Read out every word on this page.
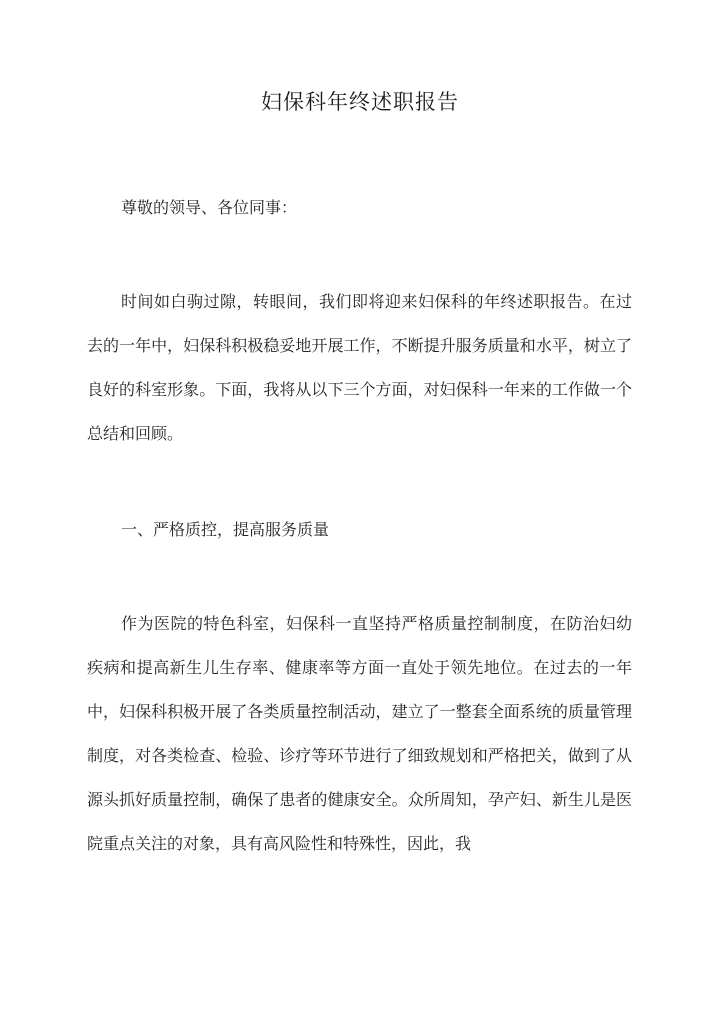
妇保科年终述职报告

尊敬的领导、各位同事：

时间如白驹过隙，转眼间，我们即将迎来妇保科的年终述职报告。在过去的一年中，妇保科积极稳妥地开展工作，不断提升服务质量和水平，树立了良好的科室形象。下面，我将从以下三个方面，对妇保科一年来的工作做一个总结和回顾。

一、严格质控，提高服务质量

作为医院的特色科室，妇保科一直坚持严格质量控制制度，在防治妇幼疾病和提高新生儿生存率、健康率等方面一直处于领先地位。在过去的一年中，妇保科积极开展了各类质量控制活动，建立了一整套全面系统的质量管理制度，对各类检查、检验、诊疗等环节进行了细致规划和严格把关，做到了从源头抓好质量控制，确保了患者的健康安全。众所周知，孕产妇、新生儿是医院重点关注的对象，具有高风险性和特殊性，因此，我
